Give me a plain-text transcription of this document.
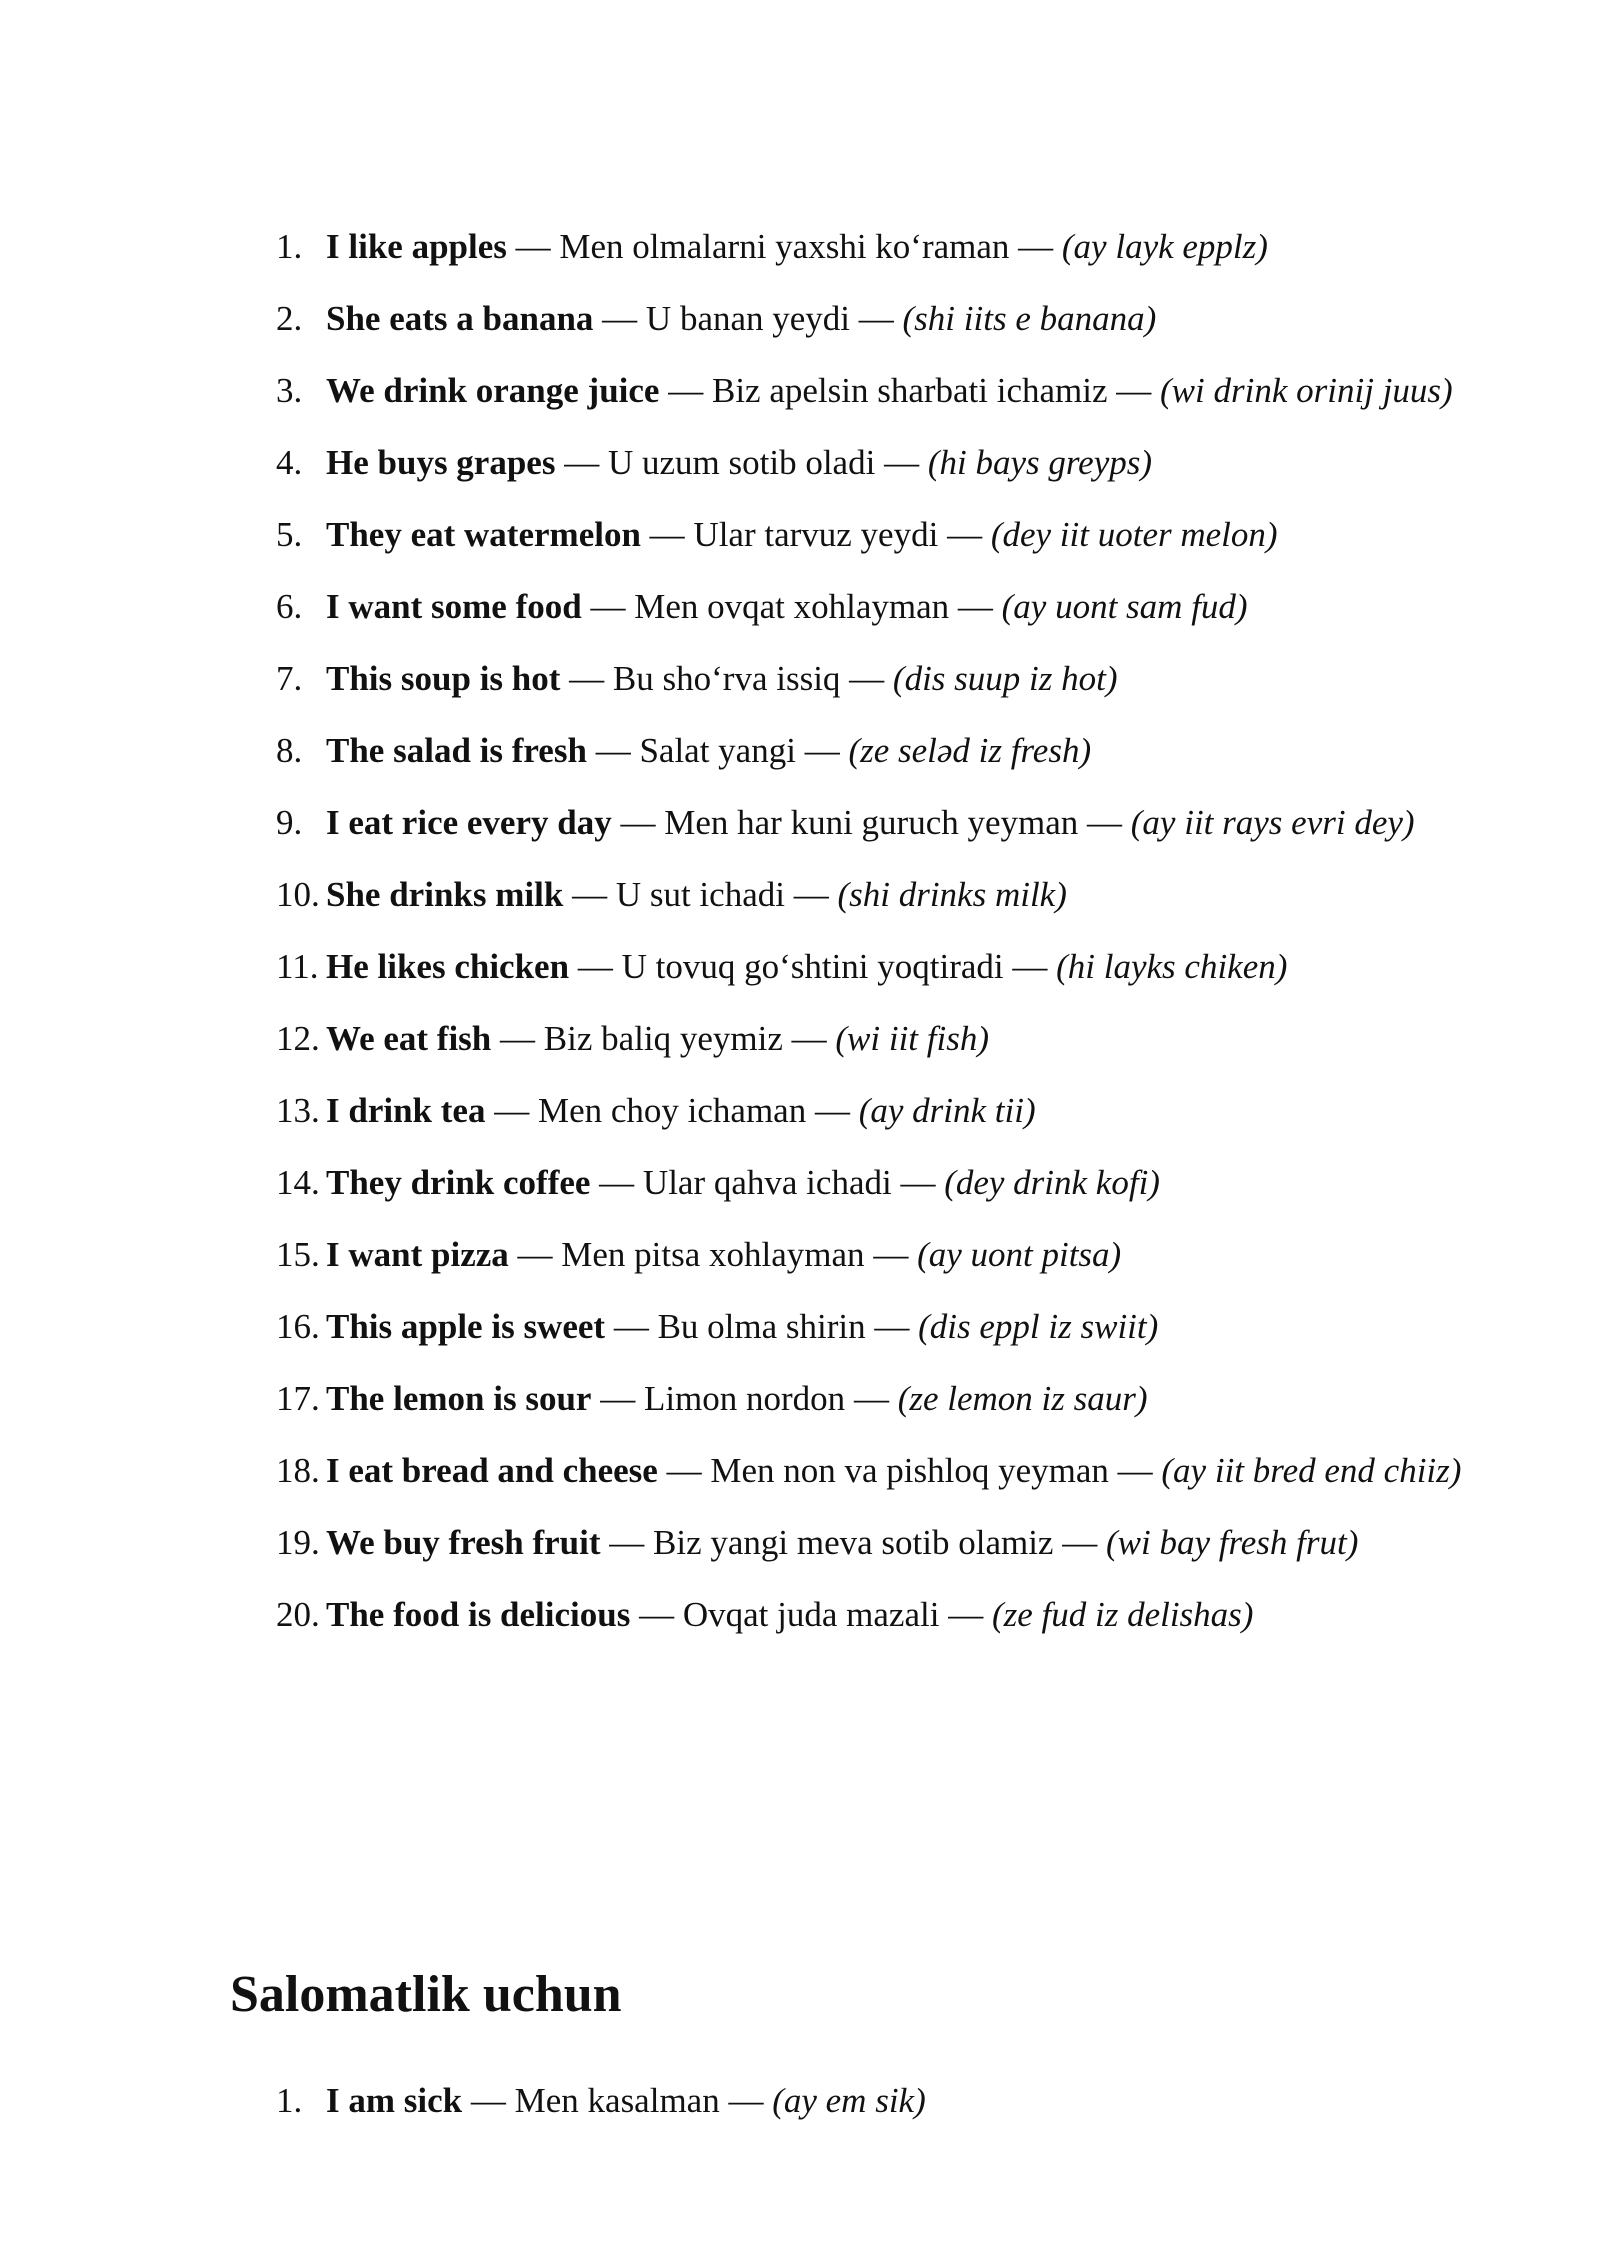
1. I like apples — Men olmalarni yaxshi ko‘raman — (ay layk epplz)
2. She eats a banana — U banan yeydi — (shi iits e banana)
3. We drink orange juice — Biz apelsin sharbati ichamiz — (wi drink orinij juus)
4. He buys grapes — U uzum sotib oladi — (hi bays greyps)
5. They eat watermelon — Ular tarvuz yeydi — (dey iit uoter melon)
6. I want some food — Men ovqat xohlayman — (ay uont sam fud)
7. This soup is hot — Bu sho‘rva issiq — (dis suup iz hot)
8. The salad is fresh — Salat yangi — (ze seləd iz fresh)
9. I eat rice every day — Men har kuni guruch yeyman — (ay iit rays evri dey)
10. She drinks milk — U sut ichadi — (shi drinks milk)
11. He likes chicken — U tovuq go‘shtini yoqtiradi — (hi layks chiken)
12. We eat fish — Biz baliq yeymiz — (wi iit fish)
13. I drink tea — Men choy ichaman — (ay drink tii)
14. They drink coffee — Ular qahva ichadi — (dey drink kofi)
15. I want pizza — Men pitsa xohlayman — (ay uont pitsa)
16. This apple is sweet — Bu olma shirin — (dis eppl iz swiit)
17. The lemon is sour — Limon nordon — (ze lemon iz saur)
18. I eat bread and cheese — Men non va pishloq yeyman — (ay iit bred end chiiz)
19. We buy fresh fruit — Biz yangi meva sotib olamiz — (wi bay fresh frut)
20. The food is delicious — Ovqat juda mazali — (ze fud iz delishas)
Salomatlik uchun
1. I am sick — Men kasalman — (ay em sik)
